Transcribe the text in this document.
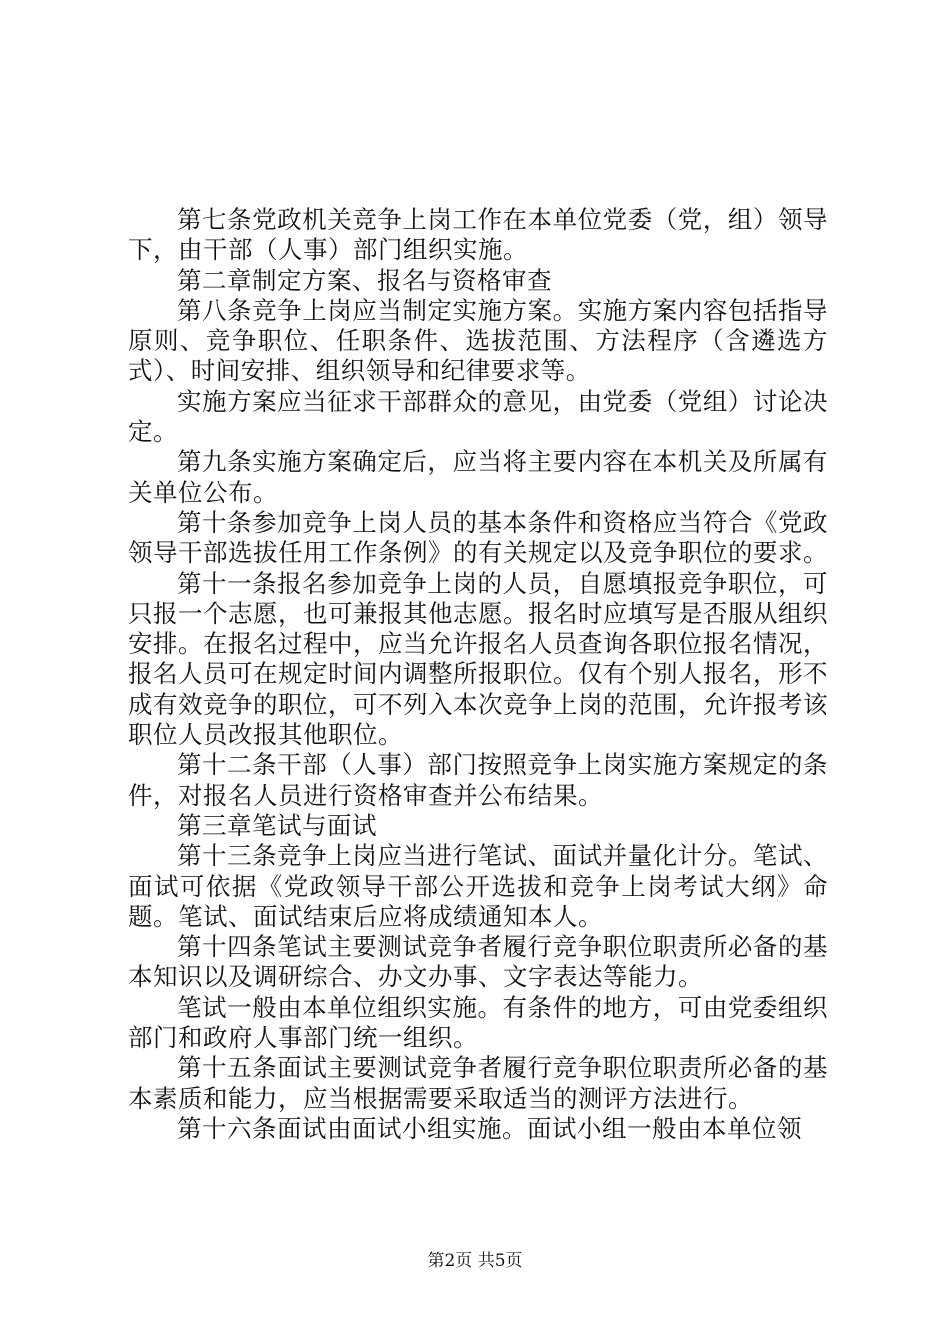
第七条党政机关竞争上岗工作在本单位党委（党，组）领导下，由干部（人事）部门组织实施。

第二章制定方案、报名与资格审查

第八条竞争上岗应当制定实施方案。实施方案内容包括指导原则、竞争职位、任职条件、选拔范围、方法程序（含遴选方式）、时间安排、组织领导和纪律要求等。

实施方案应当征求干部群众的意见，由党委（党组）讨论决定。

第九条实施方案确定后，应当将主要内容在本机关及所属有关单位公布。

第十条参加竞争上岗人员的基本条件和资格应当符合《党政领导干部选拔任用工作条例》的有关规定以及竞争职位的要求。

第十一条报名参加竞争上岗的人员，自愿填报竞争职位，可只报一个志愿，也可兼报其他志愿。报名时应填写是否服从组织安排。在报名过程中，应当允许报名人员查询各职位报名情况，报名人员可在规定时间内调整所报职位。仅有个别人报名，形不成有效竞争的职位，可不列入本次竞争上岗的范围，允许报考该职位人员改报其他职位。

第十二条干部（人事）部门按照竞争上岗实施方案规定的条件，对报名人员进行资格审查并公布结果。

第三章笔试与面试

第十三条竞争上岗应当进行笔试、面试并量化计分。笔试、面试可依据《党政领导干部公开选拔和竞争上岗考试大纲》命题。笔试、面试结束后应将成绩通知本人。

第十四条笔试主要测试竞争者履行竞争职位职责所必备的基本知识以及调研综合、办文办事、文字表达等能力。

笔试一般由本单位组织实施。有条件的地方，可由党委组织部门和政府人事部门统一组织。

第十五条面试主要测试竞争者履行竞争职位职责所必备的基本素质和能力，应当根据需要采取适当的测评方法进行。

第十六条面试由面试小组实施。面试小组一般由本单位领

第2页 共5页
